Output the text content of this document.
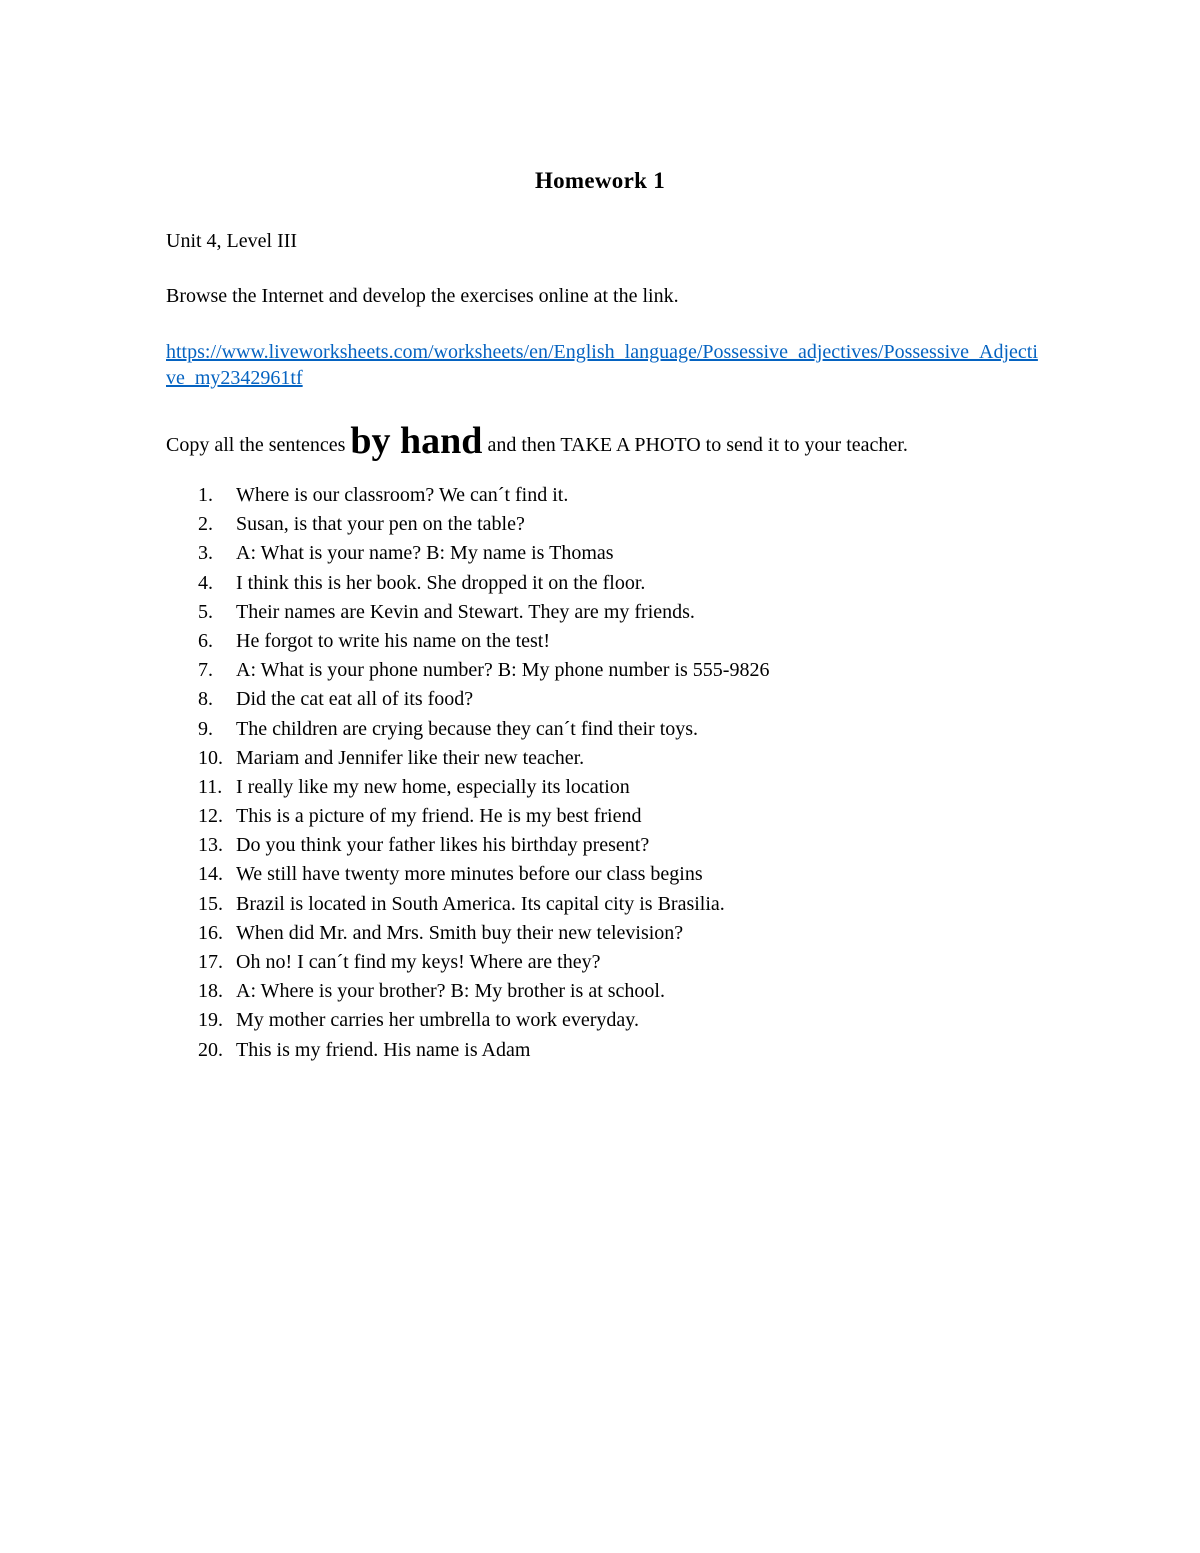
Homework 1

Unit 4, Level III

Browse the Internet and develop the exercises online at the link.

https://www.liveworksheets.com/worksheets/en/English_language/Possessive_adjectives/Possessive_Adjective_my2342961tf

Copy all the sentences by hand and then TAKE A PHOTO to send it to your teacher.

1. Where is our classroom? We can´t find it.
2. Susan, is that your pen on the table?
3. A: What is your name? B: My name is Thomas
4. I think this is her book. She dropped it on the floor.
5. Their names are Kevin and Stewart. They are my friends.
6. He forgot to write his name on the test!
7. A: What is your phone number? B: My phone number is 555-9826
8. Did the cat eat all of its food?
9. The children are crying because they can´t find their toys.
10. Mariam and Jennifer like their new teacher.
11. I really like my new home, especially its location
12. This is a picture of my friend. He is my best friend
13. Do you think your father likes his birthday present?
14. We still have twenty more minutes before our class begins
15. Brazil is located in South America. Its capital city is Brasilia.
16. When did Mr. and Mrs. Smith buy their new television?
17. Oh no! I can´t find my keys! Where are they?
18. A: Where is your brother? B: My brother is at school.
19. My mother carries her umbrella to work everyday.
20. This is my friend. His name is Adam
